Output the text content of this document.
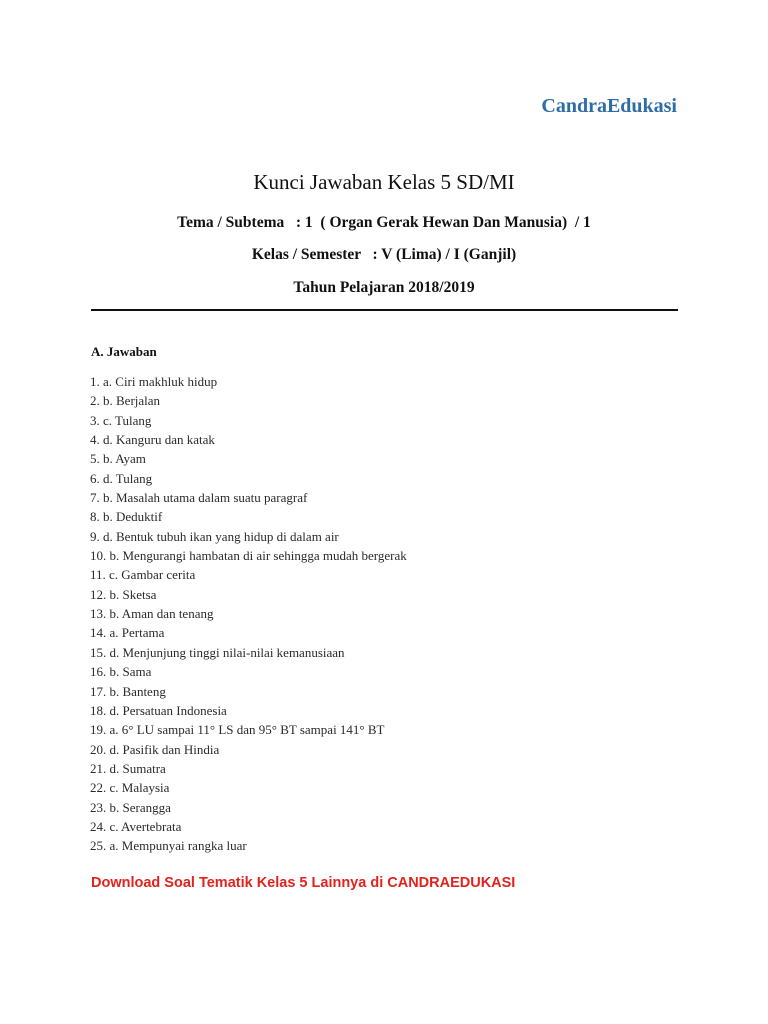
CandraEdukasi
Kunci Jawaban Kelas 5 SD/MI
Tema / Subtema   : 1  ( Organ Gerak Hewan Dan Manusia)  / 1
Kelas / Semester   : V (Lima) / I (Ganjil)
Tahun Pelajaran 2018/2019
A. Jawaban
1. a. Ciri makhluk hidup
2. b. Berjalan
3. c. Tulang
4. d. Kanguru dan katak
5. b. Ayam
6. d. Tulang
7. b. Masalah utama dalam suatu paragraf
8. b. Deduktif
9. d. Bentuk tubuh ikan yang hidup di dalam air
10. b. Mengurangi hambatan di air sehingga mudah bergerak
11. c. Gambar cerita
12. b. Sketsa
13. b. Aman dan tenang
14. a. Pertama
15. d. Menjunjung tinggi nilai-nilai kemanusiaan
16. b. Sama
17. b. Banteng
18. d. Persatuan Indonesia
19. a. 6° LU sampai 11° LS dan 95° BT sampai 141° BT
20. d. Pasifik dan Hindia
21. d. Sumatra
22. c. Malaysia
23. b. Serangga
24. c. Avertebrata
25. a. Mempunyai rangka luar
Download Soal Tematik Kelas 5 Lainnya di CANDRAEDUKASI
